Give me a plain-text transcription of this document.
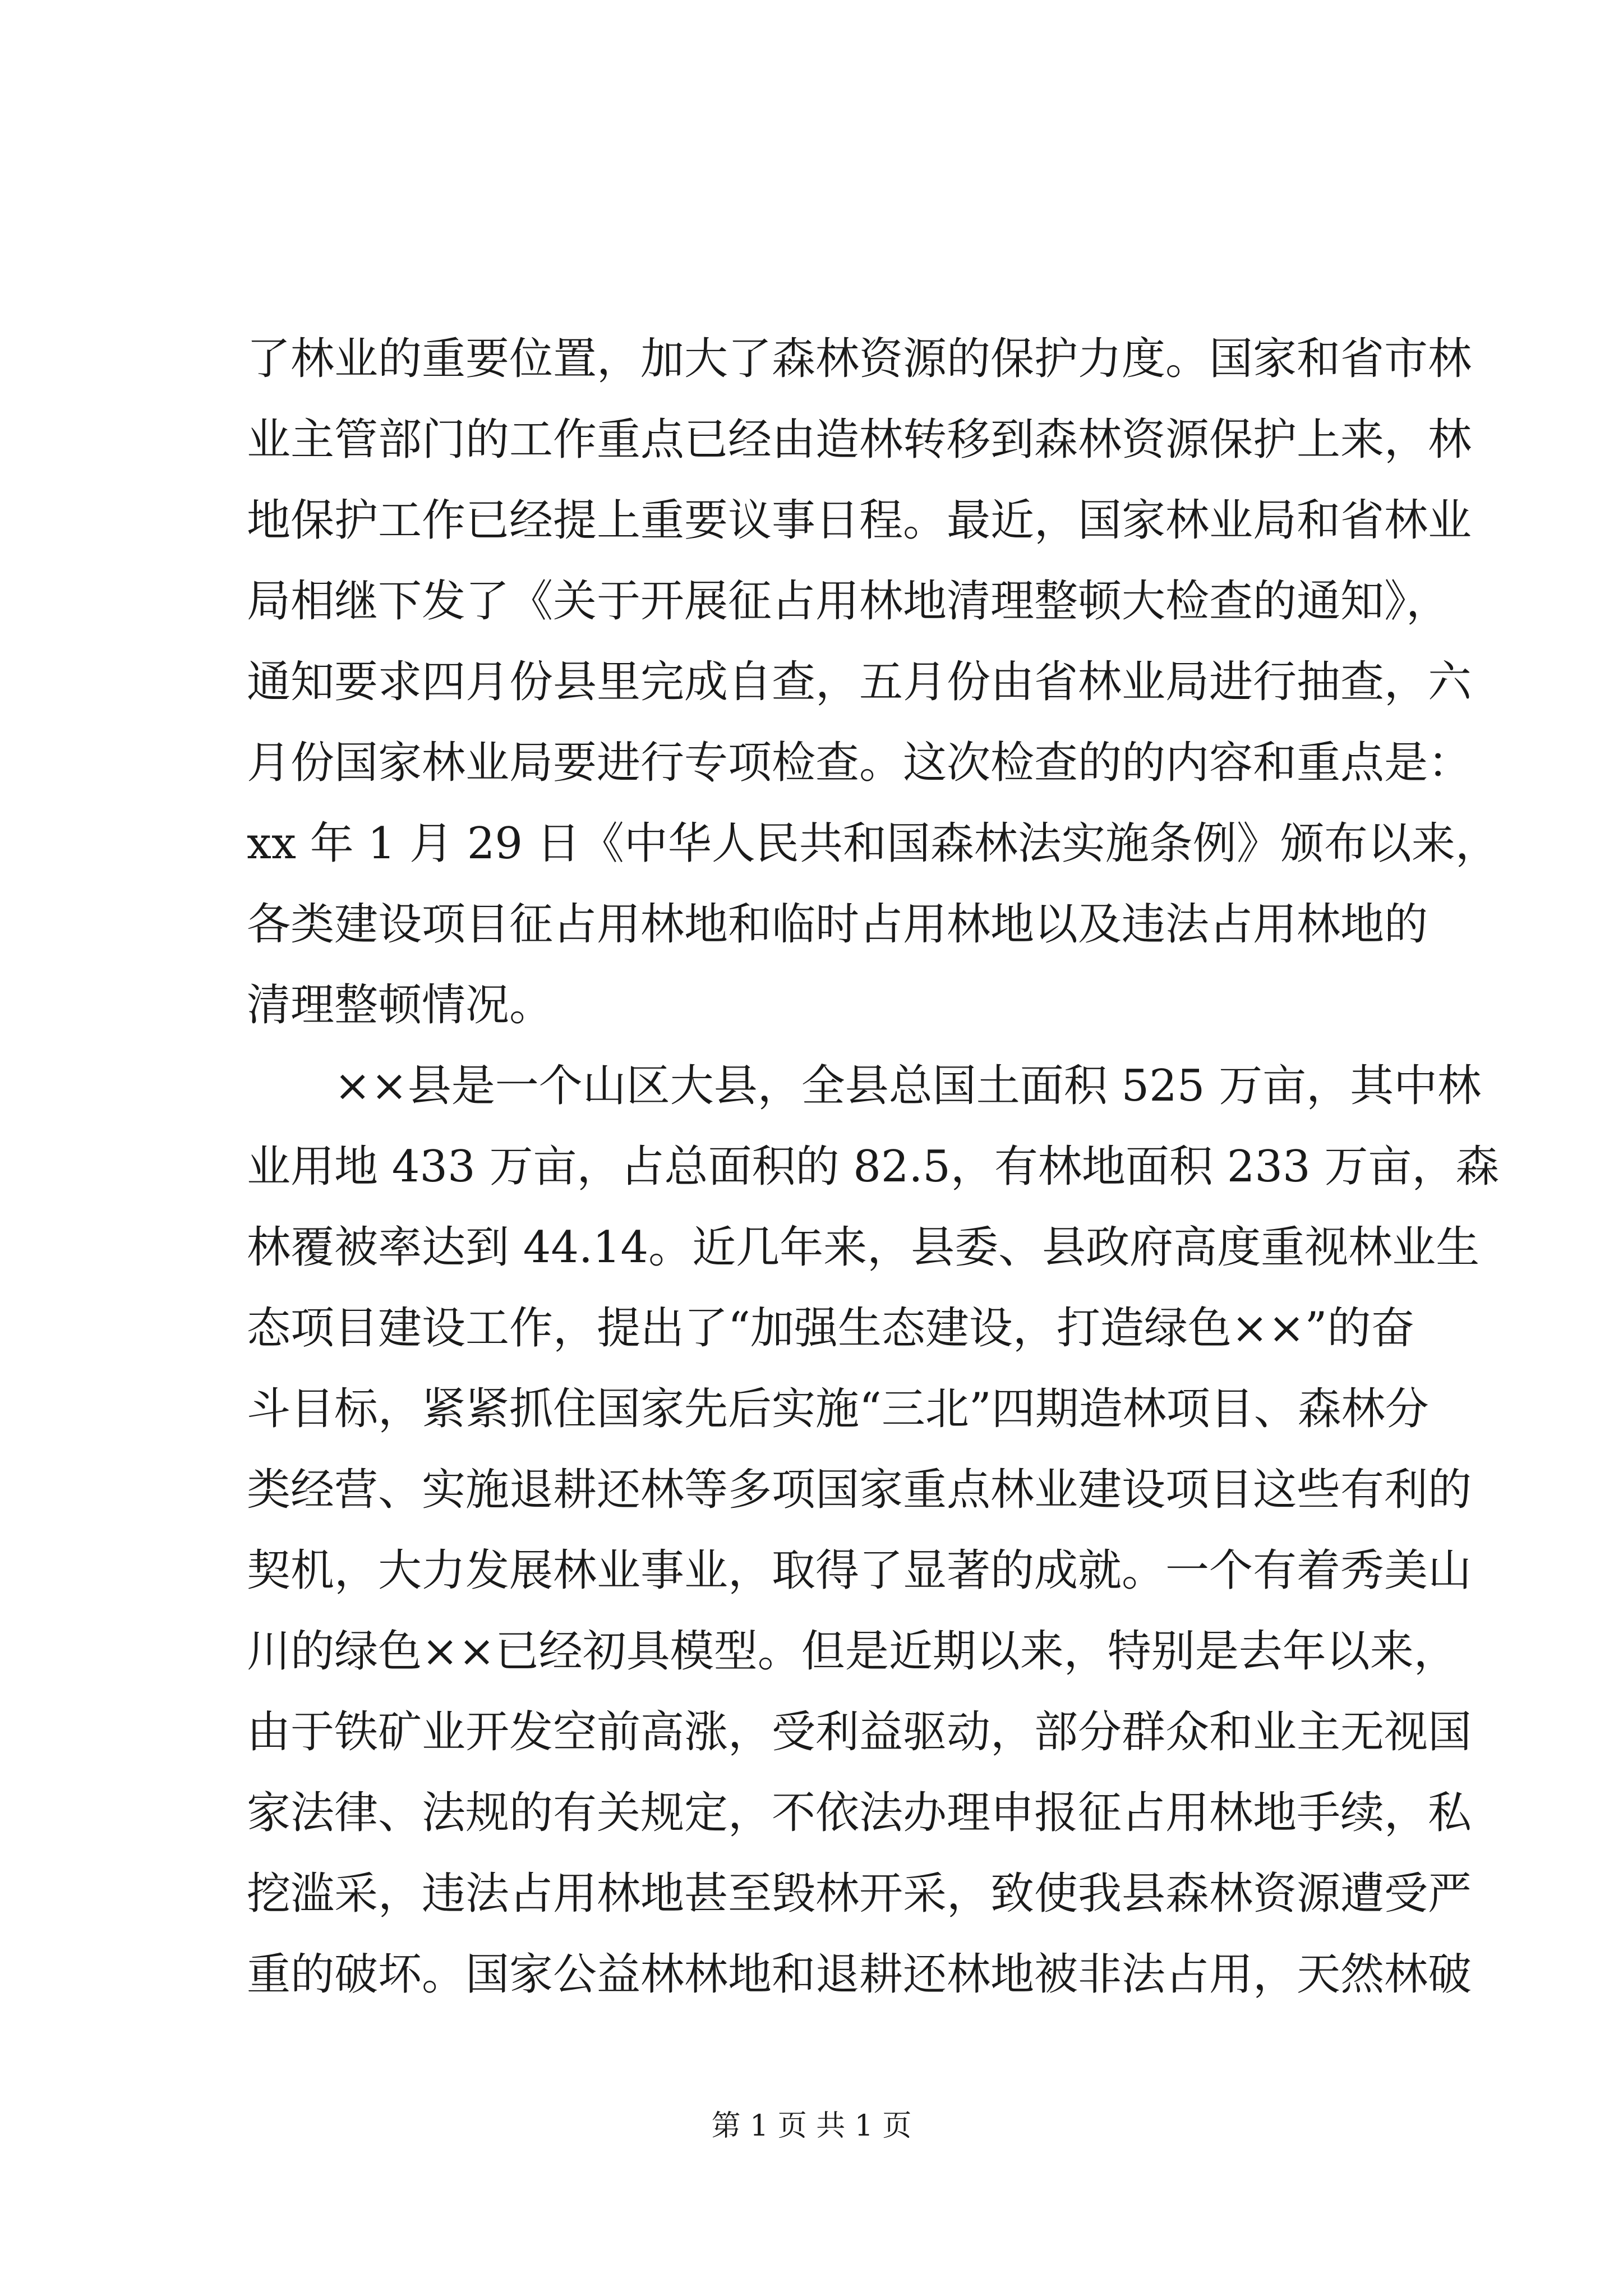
了林业的重要位置，加大了森林资源的保护力度。国家和省市林

业主管部门的工作重点已经由造林转移到森林资源保护上来，林

地保护工作已经提上重要议事日程。最近，国家林业局和省林业

局相继下发了《关于开展征占用林地清理整顿大检查的通知》，

通知要求四月份县里完成自查，五月份由省林业局进行抽查，六

月份国家林业局要进行专项检查。这次检查的的内容和重点是：

xx 年 1 月 29 日《中华人民共和国森林法实施条例》颁布以来，

各类建设项目征占用林地和临时占用林地以及违法占用林地的

清理整顿情况。

　　××县是一个山区大县，全县总国土面积 525 万亩，其中林

业用地 433 万亩，占总面积的 82.5，有林地面积 233 万亩，森

林覆被率达到 44.14。近几年来，县委、县政府高度重视林业生

态项目建设工作，提出了“加强生态建设，打造绿色××”的奋

斗目标，紧紧抓住国家先后实施“三北”四期造林项目、森林分

类经营、实施退耕还林等多项国家重点林业建设项目这些有利的

契机，大力发展林业事业，取得了显著的成就。一个有着秀美山

川的绿色××已经初具模型。但是近期以来，特别是去年以来，

由于铁矿业开发空前高涨，受利益驱动，部分群众和业主无视国

家法律、法规的有关规定，不依法办理申报征占用林地手续，私

挖滥采，违法占用林地甚至毁林开采，致使我县森林资源遭受严

重的破坏。国家公益林林地和退耕还林地被非法占用，天然林破

第 1 页 共 1 页
